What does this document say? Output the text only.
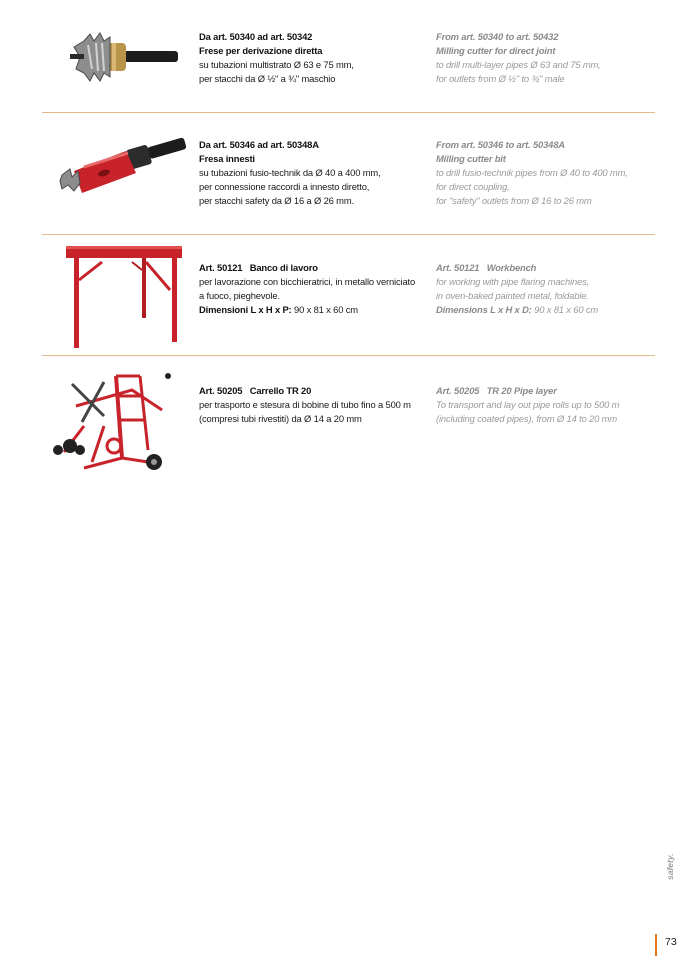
Da art. 50340 ad art. 50342
Frese per derivazione diretta
su tubazioni multistrato Ø 63 e 75 mm,
per stacchi da Ø ½" a ¾" maschio
From art. 50340 to art. 50432
Milling cutter for direct joint
to drill multi-layer pipes Ø 63 and 75 mm,
for outlets from Ø ½" to ¾" male
Da art. 50346 ad art. 50348A
Fresa innesti
su tubazioni fusio-technik da Ø 40 a 400 mm,
per connessione raccordi a innesto diretto,
per stacchi safety da Ø 16 a Ø 26 mm.
From art. 50346 to art. 50348A
Milling cutter bit
to drill fusio-technik pipes from Ø 40 to 400 mm,
for direct coupling,
for "safety" outlets from Ø 16 to 26 mm
Art. 50121 Banco di lavoro
per lavorazione con bicchieratrici, in metallo verniciato
a fuoco, pieghevole.
Dimensioni L x H x P: 90 x 81 x 60 cm
Art. 50121 Workbench
for working with pipe flaring machines,
in oven-baked painted metal, foldable.
Dimensions L x H x D: 90 x 81 x 60 cm
Art. 50205 Carrello TR 20
per trasporto e stesura di bobine di tubo fino a 500 m
(compresi tubi rivestiti) da Ø 14 a 20 mm
Art. 50205 TR 20 Pipe layer
To transport and lay out pipe rolls up to 500 m
(including coated pipes), from Ø 14 to 20 mm
safety.
73
